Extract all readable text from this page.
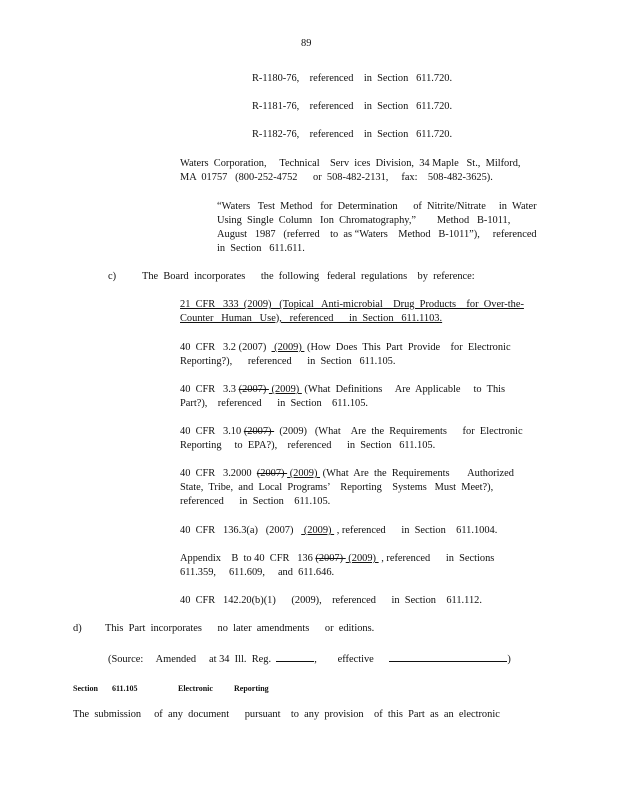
89
R-1180-76,    referenced    in  Section   611.720.
R-1181-76,    referenced    in  Section   611.720.
R-1182-76,    referenced    in  Section   611.720.
Waters  Corporation,     Technical    Serv  ices  Division,  34 Maple   St.,  Milford,
MA  01757   (800-252-4752      or  508-482-2131,     fax:    508-482-3625).
“Waters   Test  Method   for  Determination      of  Nitrite/Nitrate     in  Water
Using  Single  Column   Ion  Chromatography,”        Method   B-1011,
August   1987   (referred    to  as “Waters    Method   B-1011”),     referenced
in  Section   611.611.
c) The  Board  incorporates      the  following   federal  regulations    by  reference:
21  CFR   333  (2009)   (Topical   Anti-microbial    Drug  Products    for  Over-the-
Counter   Human   Use),   referenced      in  Section   611.1103.
40  CFR   3.2 (2007)   (2009)  (How  Does  This  Part  Provide    for  Electronic
Reporting?),      referenced      in  Section   611.105.
40  CFR   3.3 (2007)  (2009)  (What  Definitions     Are  Applicable     to  This
Part?),    referenced      in  Section    611.105.
40  CFR   3.10 (2007)   (2009)   (What    Are  the  Requirements      for  Electronic
Reporting     to  EPA?),    referenced      in  Section   611.105.
40  CFR   3.2000  (2007)  (2009)  (What  Are  the  Requirements       Authorized
State,  Tribe,  and  Local  Programs’    Reporting    Systems   Must  Meet?),
referenced      in  Section    611.105.
40  CFR   136.3(a)   (2007)    (2009)  , referenced      in  Section    611.1004.
Appendix    B  to 40  CFR   136 (2007)  (2009)  , referenced      in  Sections
611.359,     611.609,     and  611.646.
40  CFR   142.20(b)(1)      (2009),    referenced      in  Section    611.112.
d) This  Part  incorporates      no  later  amendments      or  editions.
(Source:     Amended     at 34  Ill.  Reg.	, effective	)
Section 611.105	Electronic	Reporting
The  submission     of  any  document      pursuant    to  any  provision    of  this  Part  as  an  electronic
